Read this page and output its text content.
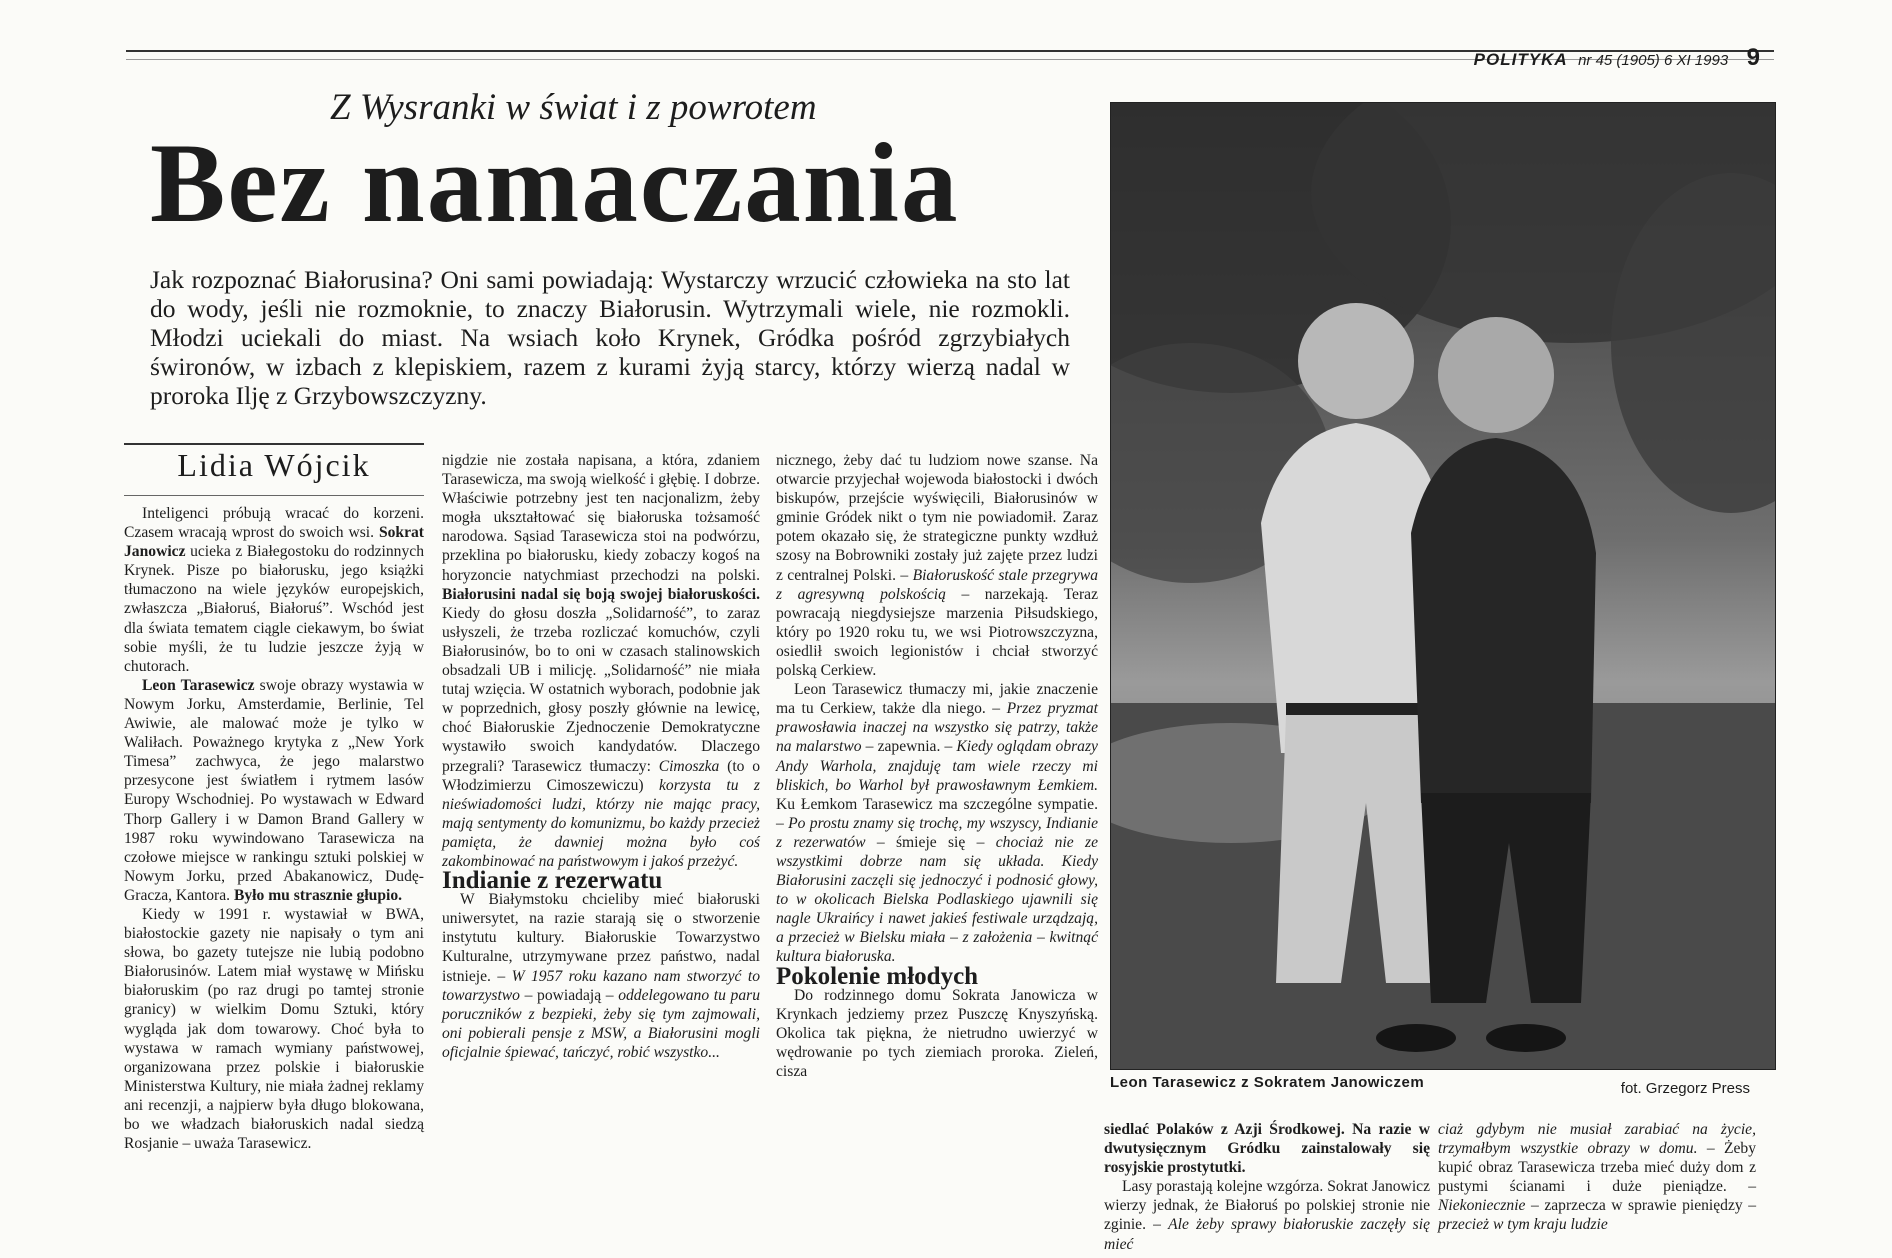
POLITYKA nr 45 (1905) 6 XI 1993 9
Z Wysranki w świat i z powrotem
Bez namaczania
Jak rozpoznać Białorusina? Oni sami powiadają: Wystarczy wrzucić człowieka na sto lat do wody, jeśli nie rozmoknie, to znaczy Białorusin. Wytrzymali wiele, nie rozmokli. Młodzi uciekali do miast. Na wsiach koło Krynek, Gródka pośród zgrzybiałych świronów, w izbach z klepiskiem, razem z kurami żyją starcy, którzy wierzą nadal w proroka Ilję z Grzybowszczyzny.
Lidia Wójcik

Inteligenci próbują wracać do korzeni. Czasem wracają wprost do swoich wsi. Sokrat Janowicz ucieka z Białegostoku do rodzinnych Krynek. Pisze po białorusku, jego książki tłumaczono na wiele języków europejskich, zwłaszcza „Białoruś, Białoruś”. Wschód jest dla świata tematem ciągle ciekawym, bo świat sobie myśli, że tu ludzie jeszcze żyją w chutorach.

Leon Tarasewicz swoje obrazy wystawia w Nowym Jorku, Amsterdamie, Berlinie, Tel Awiwie, ale malować może je tylko w Waliłach. Poważnego krytyka z „New York Timesa” zachwyca, że jego malarstwo przesycone jest światłem i rytmem lasów Europy Wschodniej. Po wystawach w Edward Thorp Gallery i w Damon Brand Gallery w 1987 roku wywindowano Tarasewicza na czołowe miejsce w rankingu sztuki polskiej w Nowym Jorku, przed Abakanowicz, Dudę-Gracza, Kantora. Było mu strasznie głupio.

Kiedy w 1991 r. wystawiał w BWA, białostockie gazety nie napisały o tym ani słowa, bo gazety tutejsze nie lubią podobno Białorusinów. Latem miał wystawę w Mińsku białoruskim (po raz drugi po tamtej stronie granicy) w wielkim Domu Sztuki, który wygląda jak dom towarowy. Choć była to wystawa w ramach wymiany państwowej, organizowana przez polskie i białoruskie Ministerstwa Kultury, nie miała żadnej reklamy ani recenzji, a najpierw była długo blokowana, bo we władzach białoruskich nadal siedzą Rosjanie – uważa Tarasewicz.

nigdzie nie została napisana, a która, zdaniem Tarasewicza, ma swoją wielkość i głębię. I dobrze. Właściwie potrzebny jest ten nacjonalizm, żeby mogła ukształtować się białoruska tożsamość narodowa. Sąsiad Tarasewicza stoi na podwórzu, przeklina po białorusku, kiedy zobaczy kogoś na horyzoncie natychmiast przechodzi na polski. Białorusini nadal się boją swojej białoruskości. Kiedy do głosu doszła „Solidarność”, to zaraz usłyszeli, że trzeba rozliczać komuchów, czyli Białorusinów, bo to oni w czasach stalinowskich obsadzali UB i milicję. „Solidarność” nie miała tutaj wzięcia. W ostatnich wyborach, podobnie jak w poprzednich, głosy poszły głównie na lewicę, choć Białoruskie Zjednoczenie Demokratyczne wystawiło swoich kandydatów. Dlaczego przegrali? Tarasewicz tłumaczy: Cimoszka (to o Włodzimierzu Cimoszewiczu) korzysta tu z nieświadomości ludzi, którzy nie mając pracy, mają sentymenty do komunizmu, bo każdy przecież pamięta, że dawniej można było coś zakombinować na państwowym i jakoś przeżyć.

Indianie z rezerwatu

W Białymstoku chcieliby mieć białoruski uniwersytet, na razie starają się o stworzenie instytutu kultury. Białoruskie Towarzystwo Kulturalne, utrzymywane przez państwo, nadal istnieje. – W 1957 roku kazano nam stworzyć to towarzystwo – powiadają – oddelegowano tu paru poruczników z bezpieki, żeby się tym zajmowali, oni pobierali pensje z MSW, a Białorusini mogli oficjalnie śpiewać, tańczyć, robić wszystko...

nicznego, żeby dać tu ludziom nowe szanse. Na otwarcie przyjechał wojewoda białostocki i dwóch biskupów, przejście wyświęcili, Białorusinów w gminie Gródek nikt o tym nie powiadomił. Zaraz potem okazało się, że strategiczne punkty wzdłuż szosy na Bobrowniki zostały już zajęte przez ludzi z centralnej Polski. – Białoruskość stale przegrywa z agresywną polskością – narzekają. Teraz powracają niegdysiejsze marzenia Piłsudskiego, który po 1920 roku tu, we wsi Piotrowszczyzna, osiedlił swoich legionistów i chciał stworzyć polską Cerkiew.

Leon Tarasewicz tłumaczy mi, jakie znaczenie ma tu Cerkiew, także dla niego. – Przez pryzmat prawosławia inaczej na wszystko się patrzy, także na malarstwo – zapewnia. – Kiedy oglądam obrazy Andy Warhola, znajduję tam wiele rzeczy mi bliskich, bo Warhol był prawosławnym Łemkiem. Ku Łemkom Tarasewicz ma szczególne sympatie. – Po prostu znamy się trochę, my wszyscy, Indianie z rezerwatów – śmieje się – chociaż nie ze wszystkimi dobrze nam się układa. Kiedy Białorusini zaczęli się jednoczyć i podnosić głowy, to w okolicach Bielska Podlaskiego ujawnili się nagle Ukraińcy i nawet jakieś festiwale urządzają, a przecież w Bielsku miała – z założenia – kwitnąć kultura białoruska.

Pokolenie młodych

Do rodzinnego domu Sokrata Janowicza w Krynkach jedziemy przez Puszczę Knyszyńską. Okolica tak piękna, że nietrudno uwierzyć w wędrowanie po tych ziemiach proroka. Zieleń, cisza

Leon Tarasewicz z Sokratem Janowiczem	fot. Grzegorz Press

siedlać Polaków z Azji Środkowej. Na razie w dwutysięcznym Gródku zainstalowały się rosyjskie prostytutki.

Lasy porastają kolejne wzgórza. Sokrat Janowicz wierzy jednak, że Białoruś po polskiej stronie nie zginie. – Ale żeby sprawy białoruskie zaczęły się mieć

ciaż gdybym nie musiał zarabiać na życie, trzymałbym wszystkie obrazy w domu. – Żeby kupić obraz Tarasewicza trzeba mieć duży dom z pustymi ścianami i duże pieniądze. – Niekoniecznie – zaprzecza w sprawie pieniędzy – przecież w tym kraju ludzie
